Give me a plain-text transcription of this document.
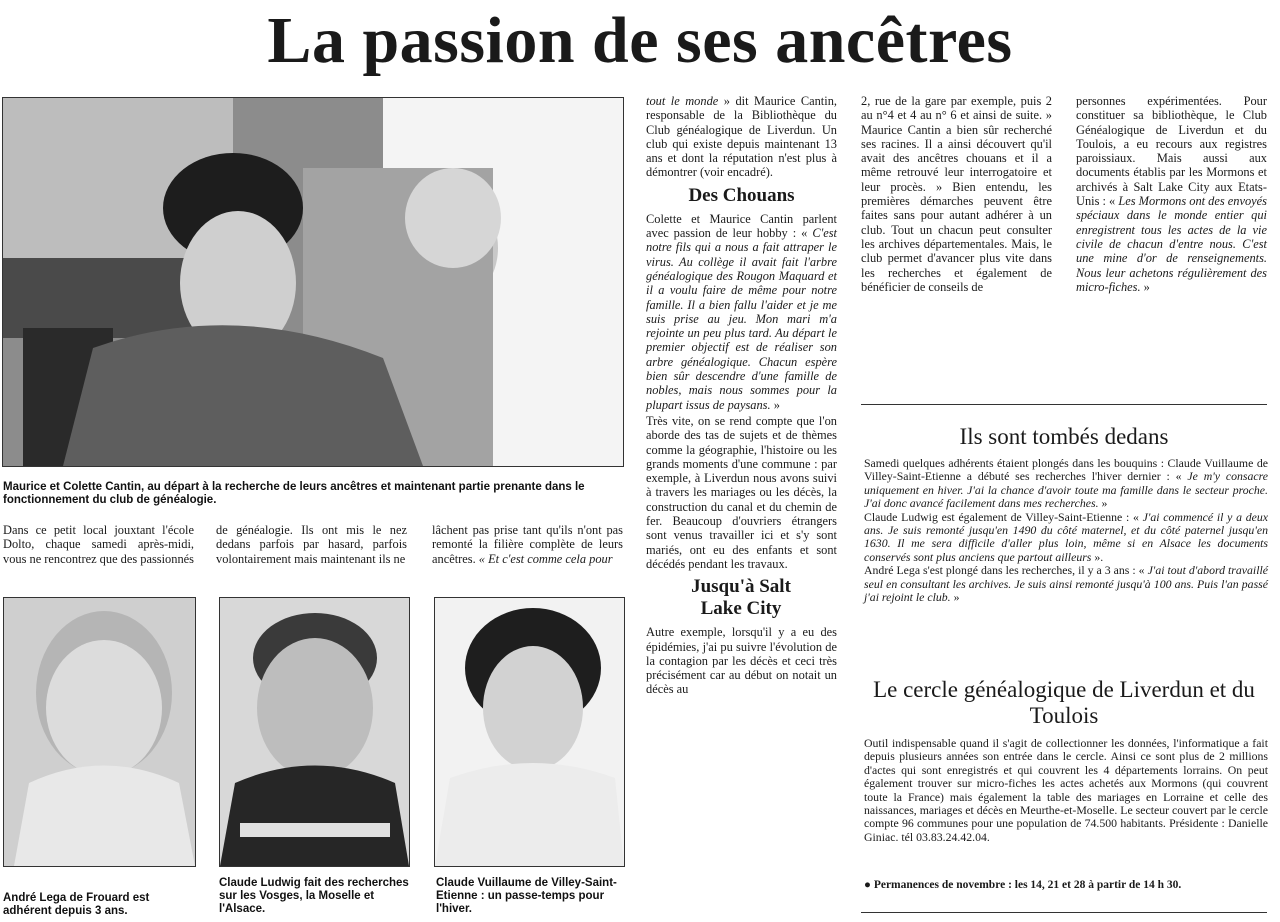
La passion de ses ancêtres
Maurice et Colette Cantin, au départ à la recherche de leurs ancêtres et maintenant partie prenante dans le fonctionnement du club de généalogie.
Dans ce petit local jouxtant l'école Dolto, chaque samedi après-midi, vous ne rencontrez que des passionnés
de généalogie. Ils ont mis le nez dedans parfois par hasard, parfois volontairement mais maintenant ils ne
lâchent pas prise tant qu'ils n'ont pas remonté la filière complète de leurs ancêtres. « Et c'est comme cela pour
André Lega de Frouard est adhérent depuis 3 ans.
Claude Ludwig fait des recherches sur les Vosges, la Moselle et l'Alsace.
Claude Vuillaume de Villey-Saint-Etienne : un passe-temps pour l'hiver.

tout le monde » dit Maurice Cantin, responsable de la Bibliothèque du Club généalogique de Liverdun. Un club qui existe depuis maintenant 13 ans et dont la réputation n'est plus à démontrer (voir encadré).

Des Chouans

Colette et Maurice Cantin parlent avec passion de leur hobby : « C'est notre fils qui a nous a fait attraper le virus. Au collège il avait fait l'arbre généalogique des Rougon Maquard et il a voulu faire de même pour notre famille. Il a bien fallu l'aider et je me suis prise au jeu. Mon mari m'a rejointe un peu plus tard. Au départ le premier objectif est de réaliser son arbre généalogique. Chacun espère bien sûr descendre d'une famille de nobles, mais nous sommes pour la plupart issus de paysans. »

Très vite, on se rend compte que l'on aborde des tas de sujets et de thèmes comme la géographie, l'histoire ou les grands moments d'une commune : par exemple, à Liverdun nous avons suivi à travers les mariages ou les décès, la construction du canal et du chemin de fer. Beaucoup d'ouvriers étrangers sont venus travailler ici et s'y sont mariés, ont eu des enfants et sont décédés pendant les travaux.

Jusqu'à Salt Lake City

Autre exemple, lorsqu'il y a eu des épidémies, j'ai pu suivre l'évolution de la contagion par les décès et ceci très précisément car au début on notait un décès au

2, rue de la gare par exemple, puis 2 au n°4 et 4 au n° 6 et ainsi de suite. » Maurice Cantin a bien sûr recherché ses racines. Il a ainsi découvert qu'il avait des ancêtres chouans et il a même retrouvé leur interrogatoire et leur procès. » Bien entendu, les premières démarches peuvent être faites sans pour autant adhérer à un club. Tout un chacun peut consulter les archives départementales. Mais, le club permet d'avancer plus vite dans les recherches et également de bénéficier de conseils de
personnes expérimentées. Pour constituer sa bibliothèque, le Club Généalogique de Liverdun et du Toulois, a eu recours aux registres paroissiaux. Mais aussi aux documents établis par les Mormons et archivés à Salt Lake City aux Etats-Unis : « Les Mormons ont des envoyés spéciaux dans le monde entier qui enregistrent tous les actes de la vie civile de chacun d'entre nous. C'est une mine d'or de renseignements. Nous leur achetons régulièrement des micro-fiches. »
Ils sont tombés dedans
Samedi quelques adhérents étaient plongés dans les bouquins : Claude Vuillaume de Villey-Saint-Etienne a débuté ses recherches l'hiver dernier : « Je m'y consacre uniquement en hiver. J'ai la chance d'avoir toute ma famille dans le secteur proche. J'ai donc avancé facilement dans mes recherches. »
Claude Ludwig est également de Villey-Saint-Etienne : « J'ai commencé il y a deux ans. Je suis remonté jusqu'en 1490 du côté maternel, et du côté paternel jusqu'en 1630. Il me sera difficile d'aller plus loin, même si en Alsace les documents conservés sont plus anciens que partout ailleurs ».
André Lega s'est plongé dans les recherches, il y a 3 ans : « J'ai tout d'abord travaillé seul en consultant les archives. Je suis ainsi remonté jusqu'à 100 ans. Puis l'an passé j'ai rejoint le club. »
Le cercle généalogique de Liverdun et du Toulois
Outil indispensable quand il s'agit de collectionner les données, l'informatique a fait depuis plusieurs années son entrée dans le cercle. Ainsi ce sont plus de 2 millions d'actes qui sont enregistrés et qui couvrent les 4 départements lorrains. On peut également trouver sur micro-fiches les actes achetés aux Mormons (qui couvrent toute la France) mais également la table des mariages en Lorraine et celle des naissances, mariages et décès en Meurthe-et-Moselle. Le secteur couvert par le cercle compte 96 communes pour une population de 74.500 habitants. Présidente : Danielle Giniac. tél 03.83.24.42.04.
● Permanences de novembre : les 14, 21 et 28 à partir de 14 h 30.
